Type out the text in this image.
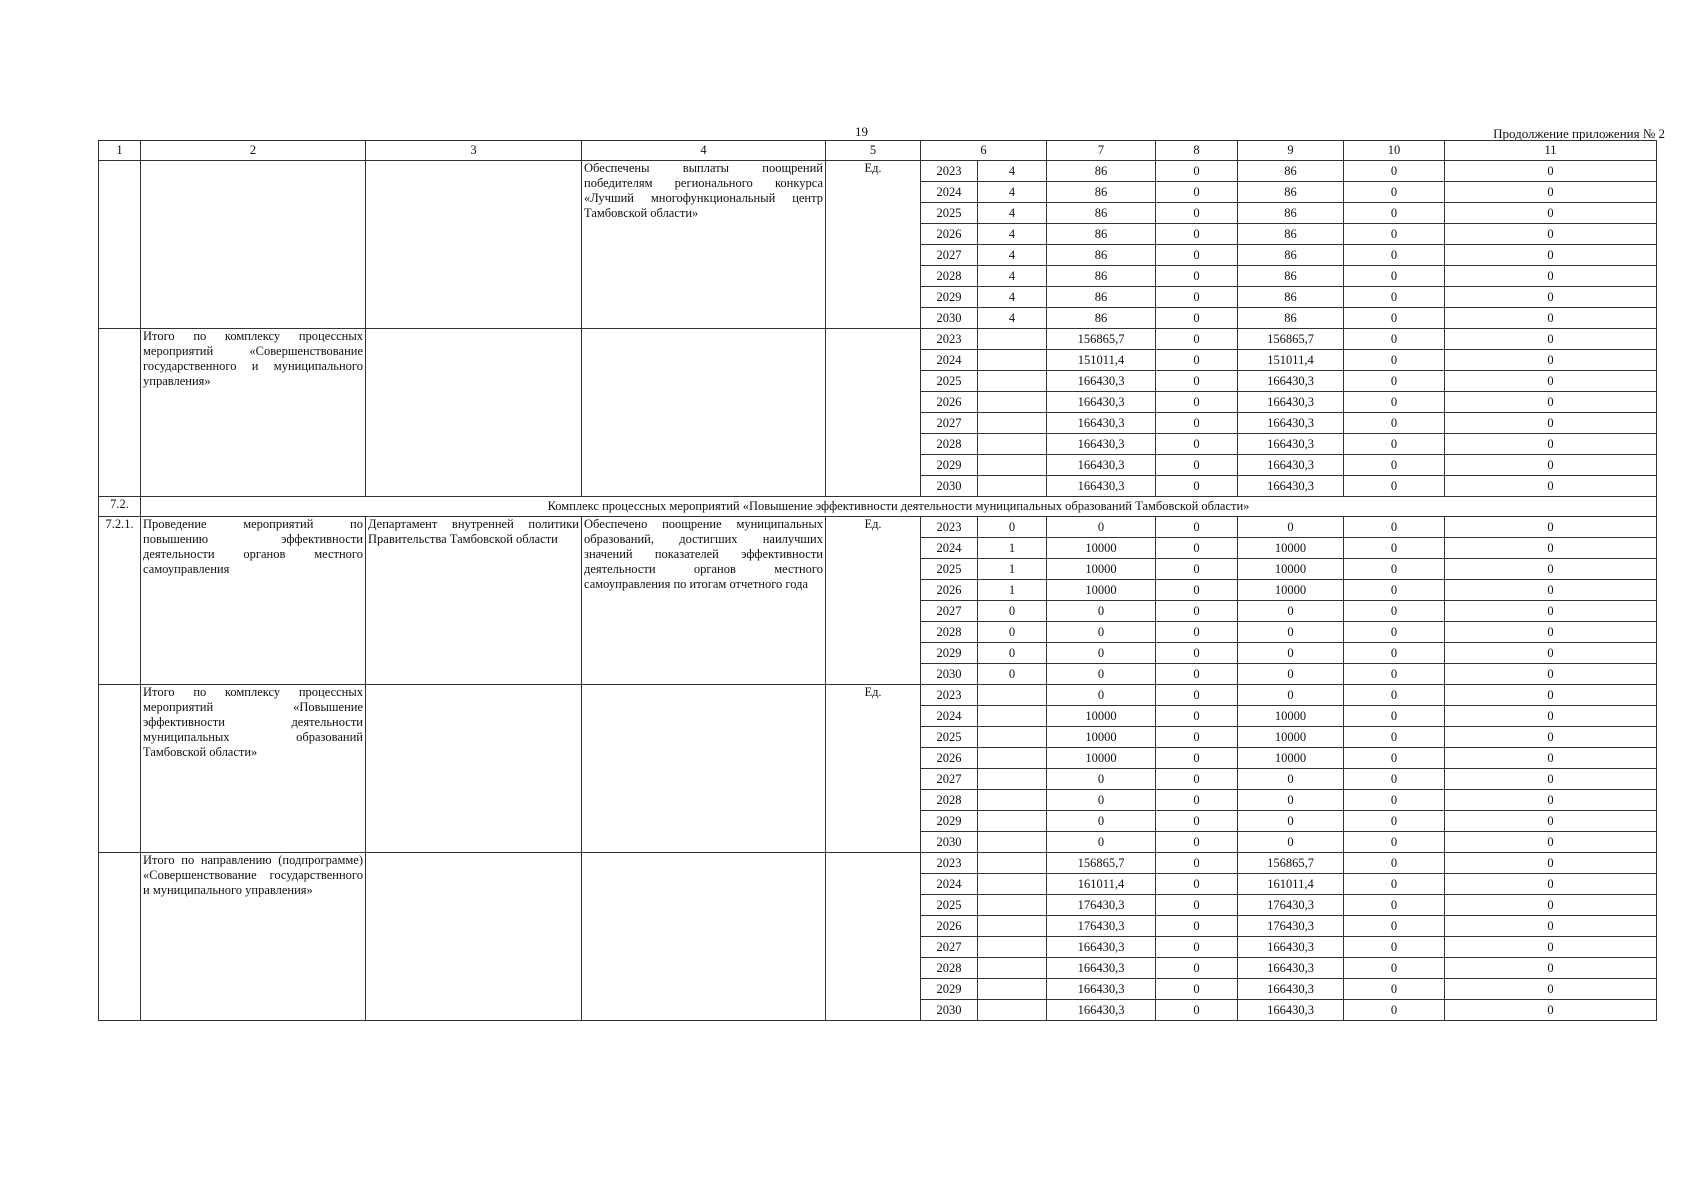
19	Продолжение приложения № 2
1	2	3	4	5	6		7	8	9	10	11
			Обеспечены выплаты поощрений победителям регионального конкурса «Лучший многофункциональный центр Тамбовской области»	Ед.	2023	4	86	0	86	0	0
					2024	4	86	0	86	0	0
					2025	4	86	0	86	0	0
					2026	4	86	0	86	0	0
					2027	4	86	0	86	0	0
					2028	4	86	0	86	0	0
					2029	4	86	0	86	0	0
					2030	4	86	0	86	0	0
	Итого по комплексу процессных мероприятий «Совершенствование государственного и муниципального управления»				2023		156865,7	0	156865,7	0	0
					2024		151011,4	0	151011,4	0	0
					2025		166430,3	0	166430,3	0	0
					2026		166430,3	0	166430,3	0	0
					2027		166430,3	0	166430,3	0	0
					2028		166430,3	0	166430,3	0	0
					2029		166430,3	0	166430,3	0	0
					2030		166430,3	0	166430,3	0	0
7.2.	Комплекс процессных мероприятий «Повышение эффективности деятельности муниципальных образований Тамбовской области»										
7.2.1.	Проведение мероприятий по повышению эффективности деятельности органов местного самоуправления	Департамент внутренней политики Правительства Тамбовской области	Обеспечено поощрение муниципальных образований, достигших наилучших значений показателей эффективности деятельности органов местного самоуправления по итогам отчетного года	Ед.	2023	0	0	0	0	0	0
					2024	1	10000	0	10000	0	0
					2025	1	10000	0	10000	0	0
					2026	1	10000	0	10000	0	0
					2027	0	0	0	0	0	0
					2028	0	0	0	0	0	0
					2029	0	0	0	0	0	0
					2030	0	0	0	0	0	0
	Итого по комплексу процессных мероприятий «Повышение эффективности деятельности муниципальных образований Тамбовской области»			Ед.	2023		0	0	0	0	0
					2024		10000	0	10000	0	0
					2025		10000	0	10000	0	0
					2026		10000	0	10000	0	0
					2027		0	0	0	0	0
					2028		0	0	0	0	0
					2029		0	0	0	0	0
					2030		0	0	0	0	0
	Итого по направлению (подпрограмме) «Совершенствование государственного и муниципального управления»				2023		156865,7	0	156865,7	0	0
					2024		161011,4	0	161011,4	0	0
					2025		176430,3	0	176430,3	0	0
					2026		176430,3	0	176430,3	0	0
					2027		166430,3	0	166430,3	0	0
					2028		166430,3	0	166430,3	0	0
					2029		166430,3	0	166430,3	0	0
					2030		166430,3	0	166430,3	0	0
